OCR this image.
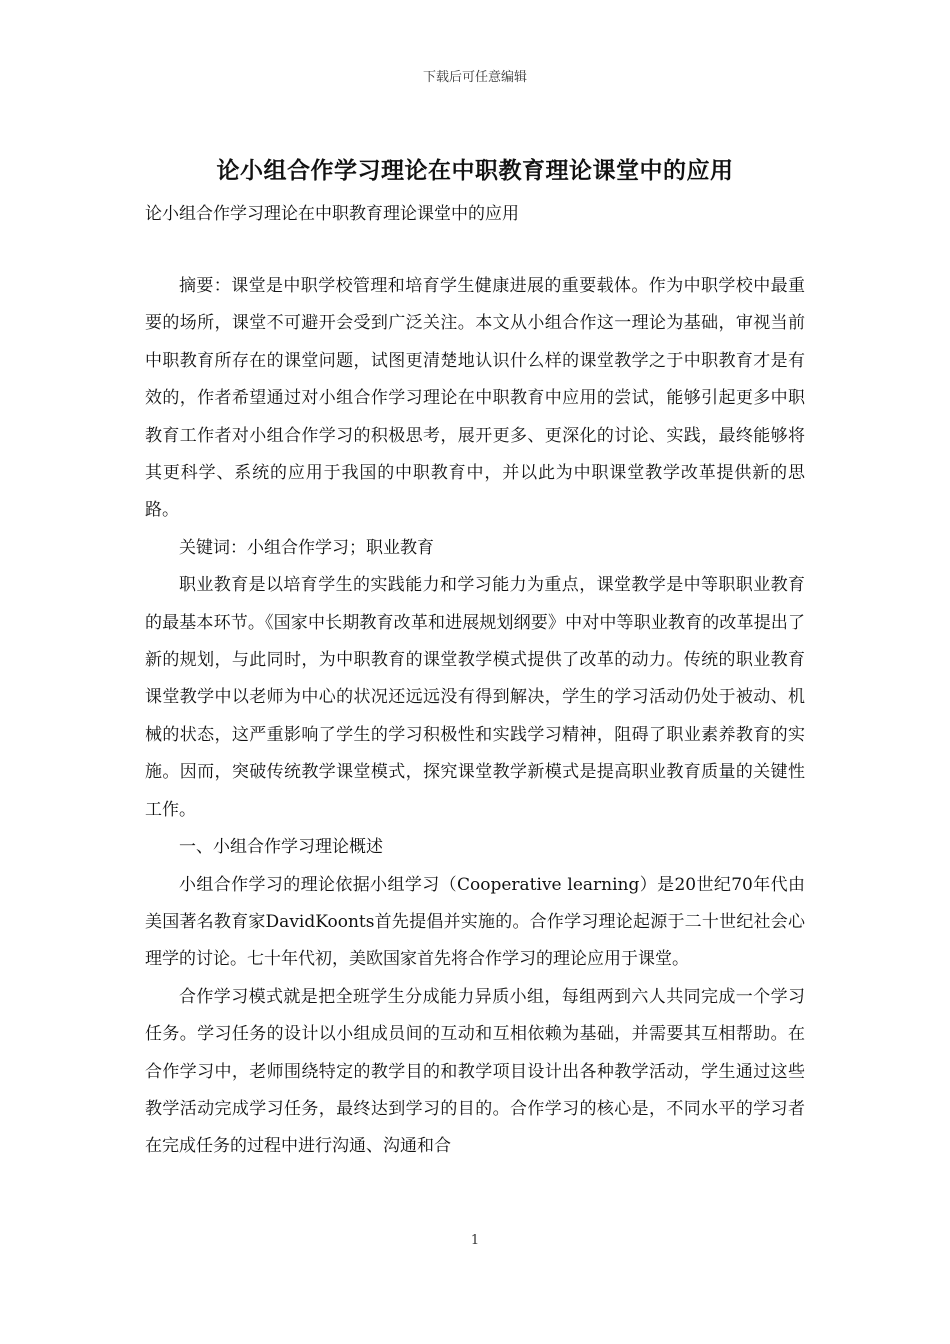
下载后可任意编辑
论小组合作学习理论在中职教育理论课堂中的应用
论小组合作学习理论在中职教育理论课堂中的应用

摘要：课堂是中职学校管理和培育学生健康进展的重要载体。作为中职学校中最重要的场所，课堂不可避开会受到广泛关注。本文从小组合作这一理论为基础，审视当前中职教育所存在的课堂问题，试图更清楚地认识什么样的课堂教学之于中职教育才是有效的，作者希望通过对小组合作学习理论在中职教育中应用的尝试，能够引起更多中职教育工作者对小组合作学习的积极思考，展开更多、更深化的讨论、实践，最终能够将其更科学、系统的应用于我国的中职教育中，并以此为中职课堂教学改革提供新的思路。

关键词：小组合作学习；职业教育

职业教育是以培育学生的实践能力和学习能力为重点，课堂教学是中等职职业教育的最基本环节。《国家中长期教育改革和进展规划纲要》中对中等职业教育的改革提出了新的规划，与此同时，为中职教育的课堂教学模式提供了改革的动力。传统的职业教育课堂教学中以老师为中心的状况还远远没有得到解决，学生的学习活动仍处于被动、机械的状态，这严重影响了学生的学习积极性和实践学习精神，阻碍了职业素养教育的实施。因而，突破传统教学课堂模式，探究课堂教学新模式是提高职业教育质量的关键性工作。

一、小组合作学习理论概述

小组合作学习的理论依据小组学习（Cooperative learning）是20世纪70年代由美国著名教育家DavidKoonts首先提倡并实施的。合作学习理论起源于二十世纪社会心理学的讨论。七十年代初，美欧国家首先将合作学习的理论应用于课堂。

合作学习模式就是把全班学生分成能力异质小组，每组两到六人共同完成一个学习任务。学习任务的设计以小组成员间的互动和互相依赖为基础，并需要其互相帮助。在合作学习中，老师围绕特定的教学目的和教学项目设计出各种教学活动，学生通过这些教学活动完成学习任务，最终达到学习的目的。合作学习的核心是，不同水平的学习者在完成任务的过程中进行沟通、沟通和合

1
